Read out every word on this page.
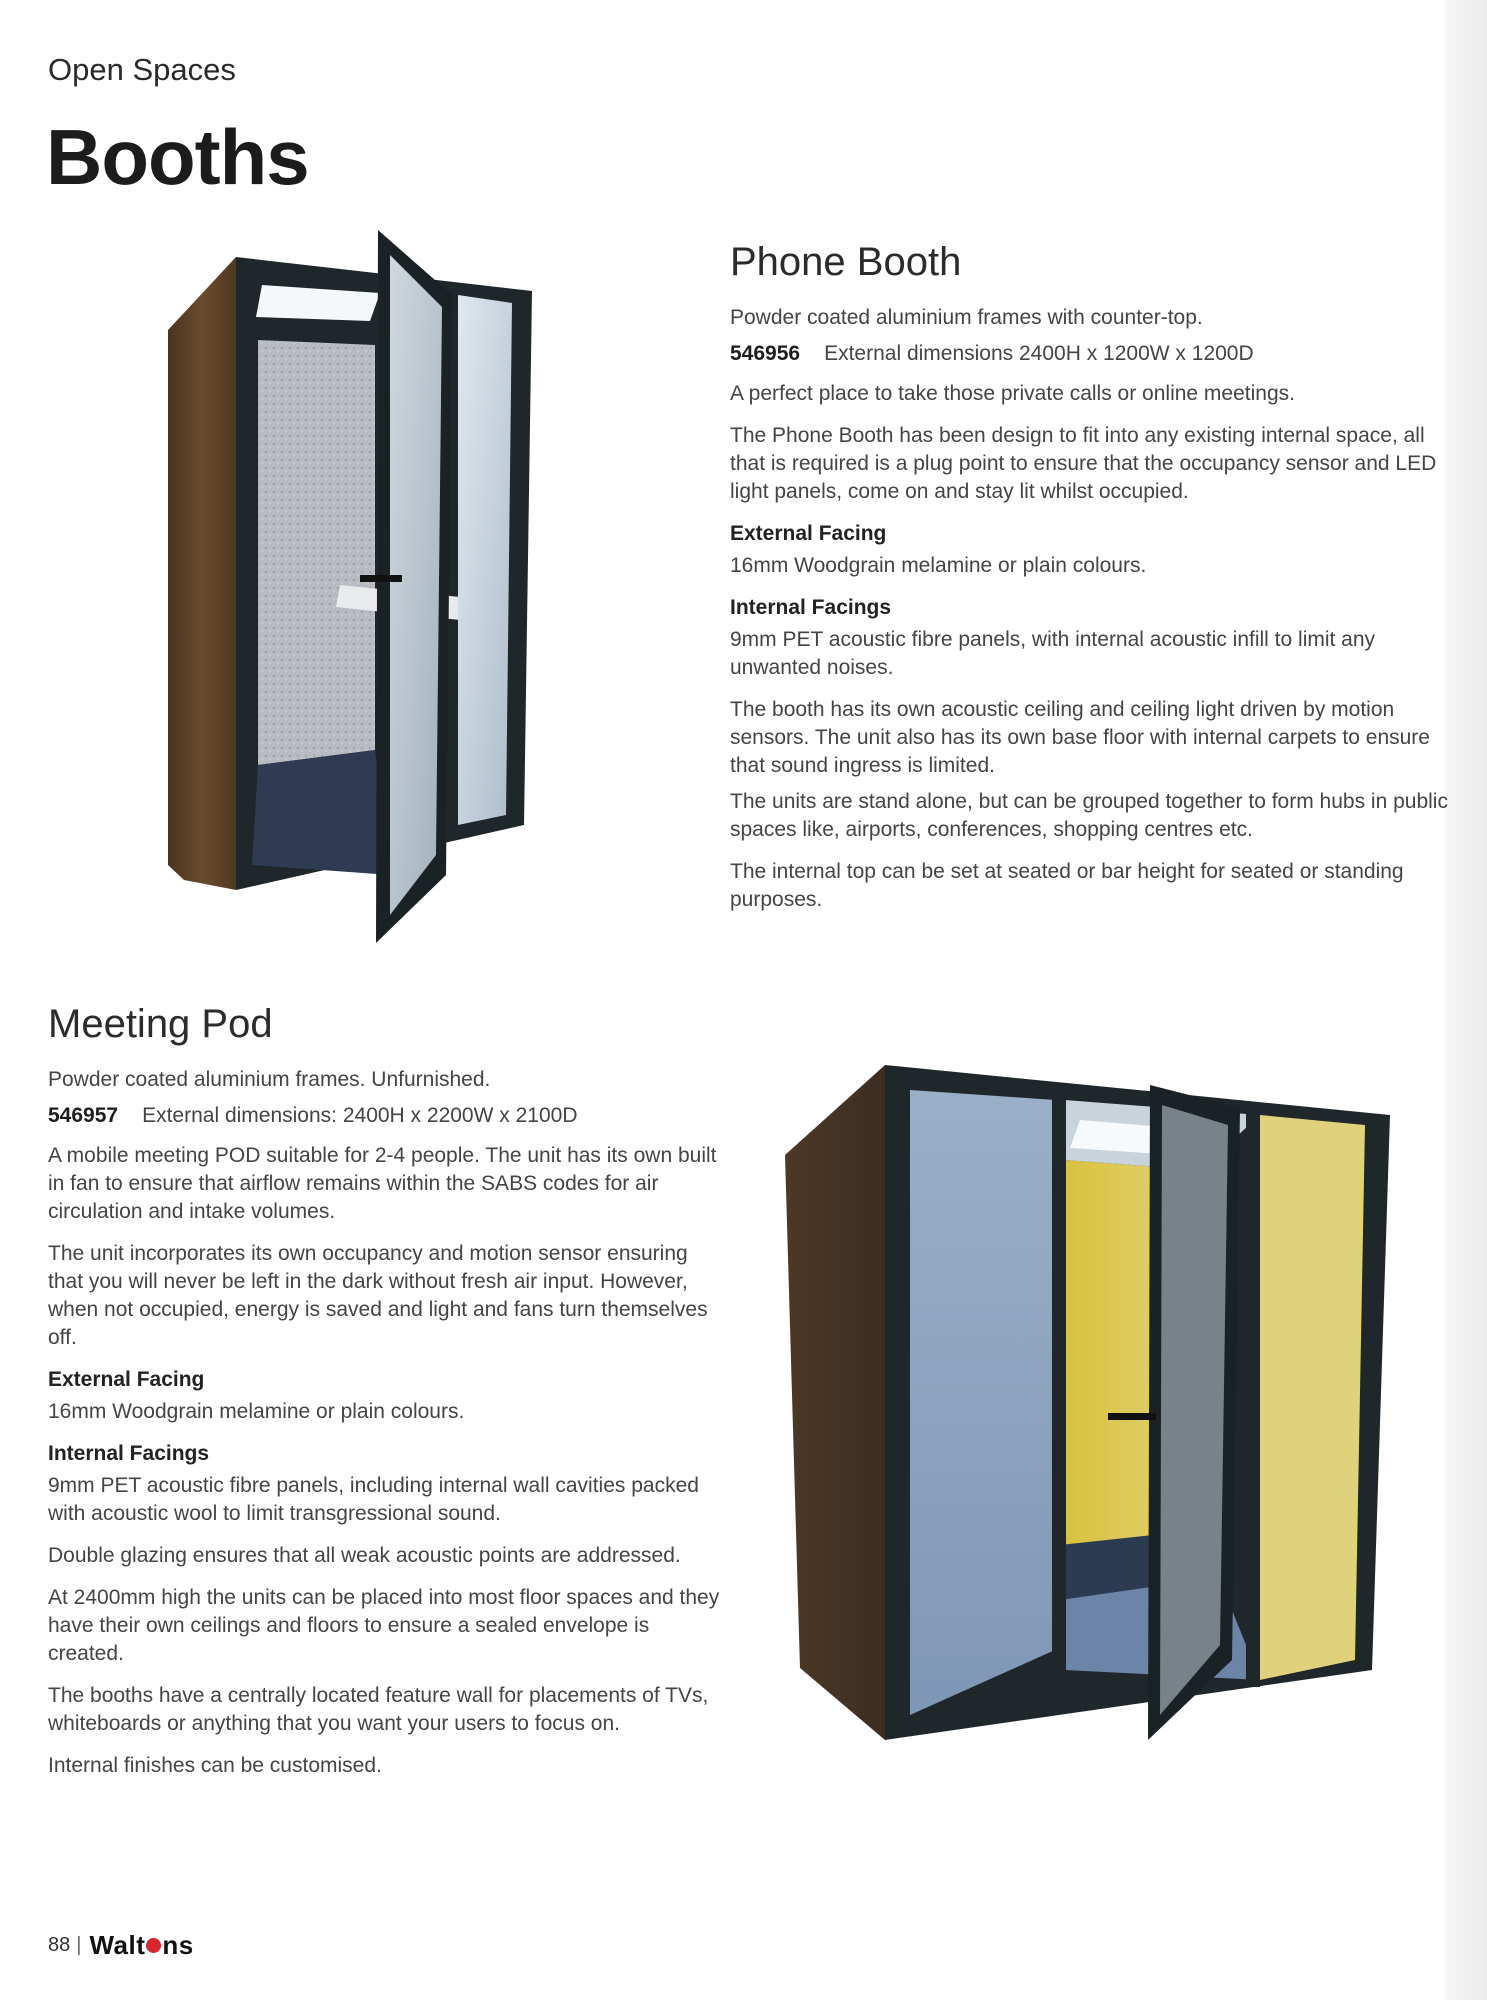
Open Spaces
Booths
Phone Booth

Powder coated aluminium frames with counter-top.

546956 External dimensions 2400H x 1200W x 1200D

A perfect place to take those private calls or online meetings.

The Phone Booth has been design to fit into any existing internal space, all that is required is a plug point to ensure that the occupancy sensor and LED light panels, come on and stay lit whilst occupied.

External Facing

16mm Woodgrain melamine or plain colours.

Internal Facings

9mm PET acoustic fibre panels, with internal acoustic infill to limit any unwanted noises.

The booth has its own acoustic ceiling and ceiling light driven by motion sensors. The unit also has its own base floor with internal carpets to ensure that sound ingress is limited.

The units are stand alone, but can be grouped together to form hubs in public spaces like, airports, conferences, shopping centres etc.

The internal top can be set at seated or bar height for seated or standing purposes.

Meeting Pod

Powder coated aluminium frames. Unfurnished.

546957 External dimensions: 2400H x 2200W x 2100D

A mobile meeting POD suitable for 2-4 people. The unit has its own built in fan to ensure that airflow remains within the SABS codes for air circulation and intake volumes.

The unit incorporates its own occupancy and motion sensor ensuring that you will never be left in the dark without fresh air input. However, when not occupied, energy is saved and light and fans turn themselves off.

External Facing

16mm Woodgrain melamine or plain colours.

Internal Facings

9mm PET acoustic fibre panels, including internal wall cavities packed with acoustic wool to limit transgressional sound.

Double glazing ensures that all weak acoustic points are addressed.

At 2400mm high the units can be placed into most floor spaces and they have their own ceilings and floors to ensure a sealed envelope is created.

The booths have a centrally located feature wall for placements of TVs, whiteboards or anything that you want your users to focus on.

Internal finishes can be customised.

88 | Walt ns
